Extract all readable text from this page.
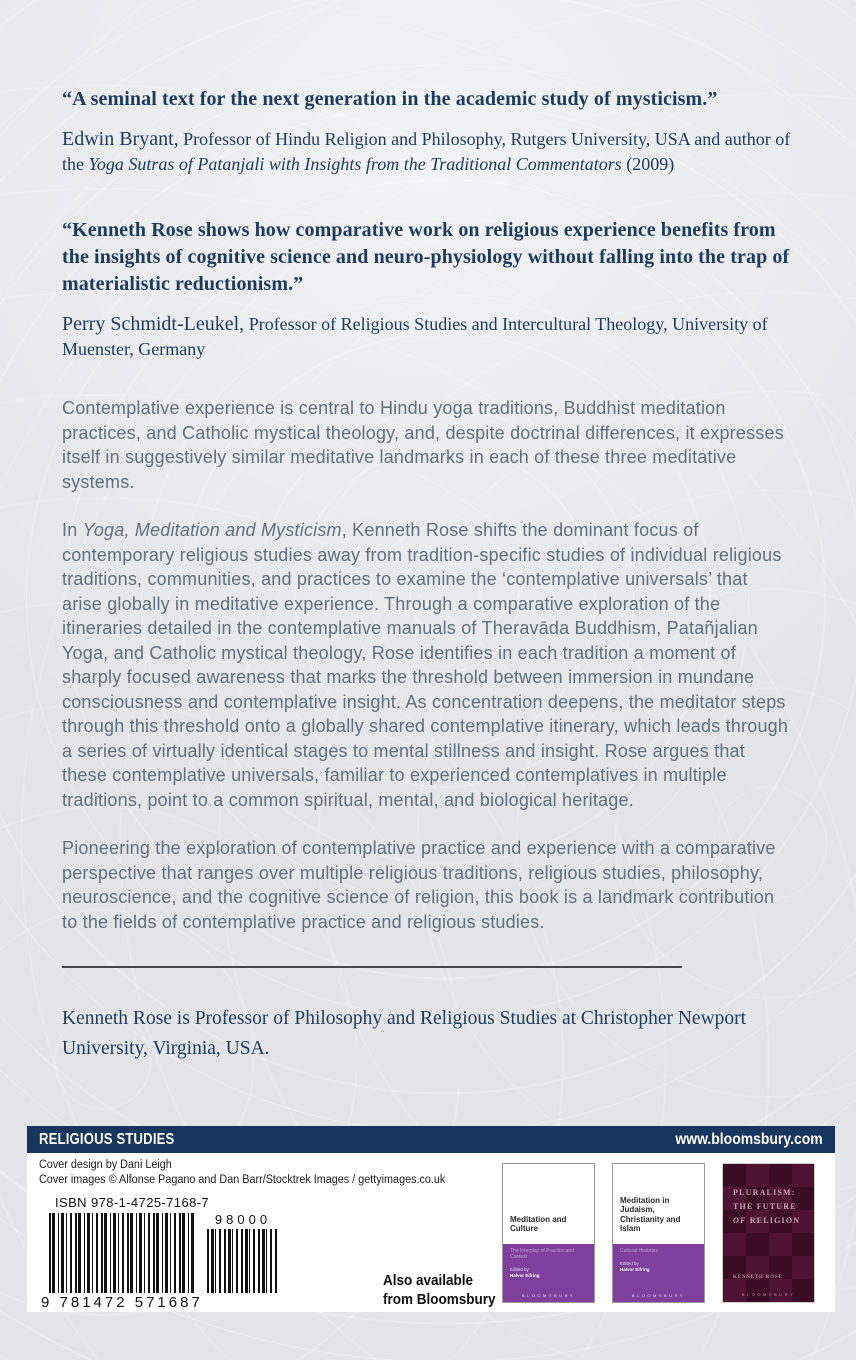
“A seminal text for the next generation in the academic study of mysticism.”

Edwin Bryant, Professor of Hindu Religion and Philosophy, Rutgers University, USA and author of the Yoga Sutras of Patanjali with Insights from the Traditional Commentators (2009)

“Kenneth Rose shows how comparative work on religious experience benefits from the insights of cognitive science and neuro-physiology without falling into the trap of materialistic reductionism.”

Perry Schmidt-Leukel, Professor of Religious Studies and Intercultural Theology, University of Muenster, Germany

Contemplative experience is central to Hindu yoga traditions, Buddhist meditation practices, and Catholic mystical theology, and, despite doctrinal differences, it expresses itself in suggestively similar meditative landmarks in each of these three meditative systems.

In Yoga, Meditation and Mysticism, Kenneth Rose shifts the dominant focus of contemporary religious studies away from tradition-specific studies of individual religious traditions, communities, and practices to examine the ‘contemplative universals’ that arise globally in meditative experience. Through a comparative exploration of the itineraries detailed in the contemplative manuals of Theravāda Buddhism, Patañjalian Yoga, and Catholic mystical theology, Rose identifies in each tradition a moment of sharply focused awareness that marks the threshold between immersion in mundane consciousness and contemplative insight. As concentration deepens, the meditator steps through this threshold onto a globally shared contemplative itinerary, which leads through a series of virtually identical stages to mental stillness and insight. Rose argues that these contemplative universals, familiar to experienced contemplatives in multiple traditions, point to a common spiritual, mental, and biological heritage.

Pioneering the exploration of contemplative practice and experience with a comparative perspective that ranges over multiple religious traditions, religious studies, philosophy, neuroscience, and the cognitive science of religion, this book is a landmark contribution to the fields of contemplative practice and religious studies.

Kenneth Rose is Professor of Philosophy and Religious Studies at Christopher Newport University, Virginia, USA.

RELIGIOUS STUDIES	www.bloomsbury.com
Cover design by Dani Leigh
Cover images © Alfonse Pagano and Dan Barr/Stocktrek Images / gettyimages.co.uk
ISBN 978-1-4725-7168-7
98000
9 781472 571687
Also available
from Bloomsbury
Meditation and Culture
The Interplay of Practice and Context
Edited by
Halvor Eifring
BLOOMSBURY
Meditation in Judaism, Christianity and Islam
Cultural Histories
Edited by
Halvor Eifring
BLOOMSBURY
PLURALISM:
THE FUTURE
OF RELIGION
KENNETH ROSE
BLOOMSBURY
